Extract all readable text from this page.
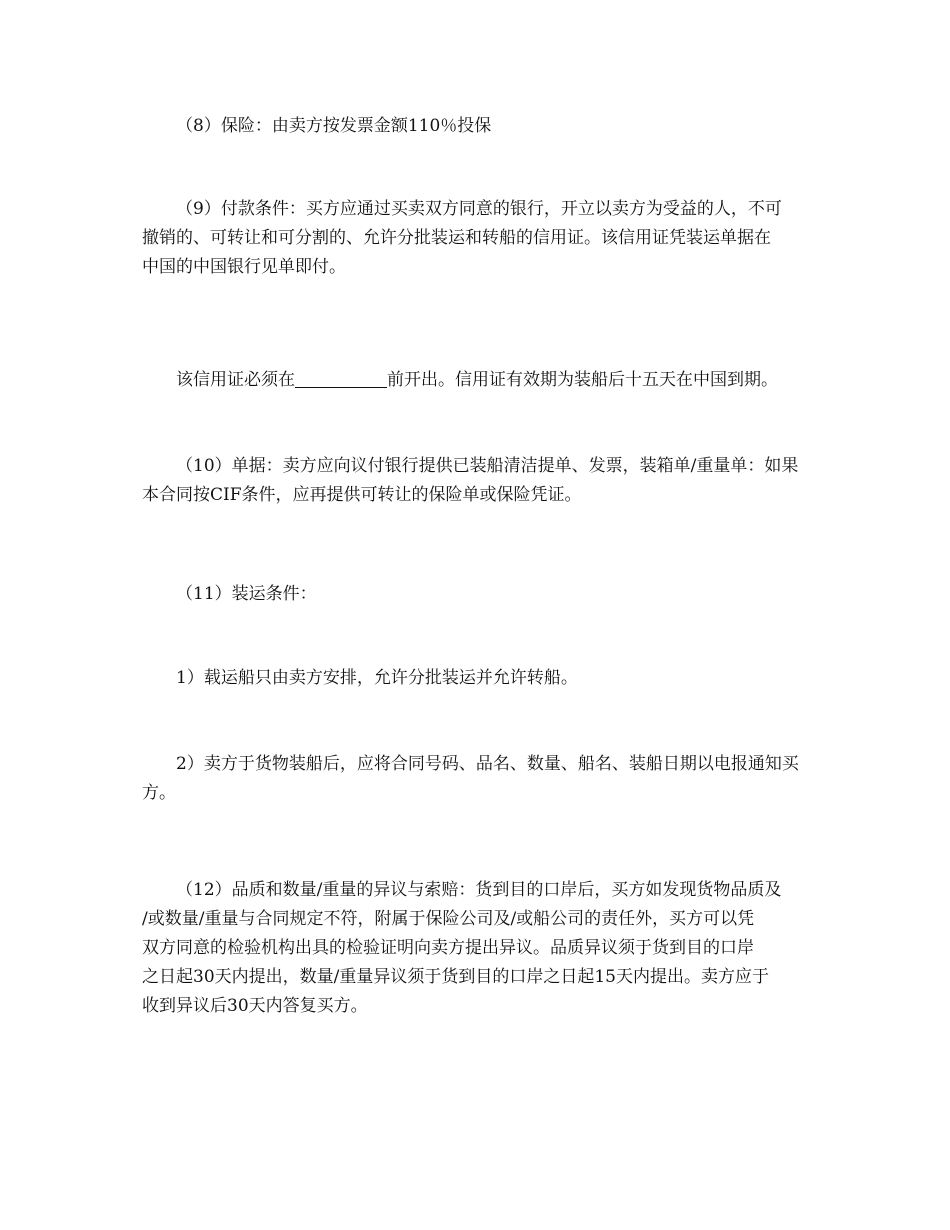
（8）保险：由卖方按发票金额110％投保

（9）付款条件：买方应通过买卖双方同意的银行，开立以卖方为受益的人，不可
撤销的、可转让和可分割的、允许分批装运和转船的信用证。该信用证凭装运单据在
中国的中国银行见单即付。

该信用证必须在	前开出。信用证有效期为装船后十五天在中国到期。

（10）单据：卖方应向议付银行提供已装船清洁提单、发票，装箱单/重量单：如果
本合同按CIF条件，应再提供可转让的保险单或保险凭证。

（11）装运条件：

1）载运船只由卖方安排，允许分批装运并允许转船。

2）卖方于货物装船后，应将合同号码、品名、数量、船名、装船日期以电报通知买
方。

（12）品质和数量/重量的异议与索赔：货到目的口岸后，买方如发现货物品质及
/或数量/重量与合同规定不符，附属于保险公司及/或船公司的责任外，买方可以凭
双方同意的检验机构出具的检验证明向卖方提出异议。品质异议须于货到目的口岸
之日起30天内提出，数量/重量异议须于货到目的口岸之日起15天内提出。卖方应于
收到异议后30天内答复买方。
